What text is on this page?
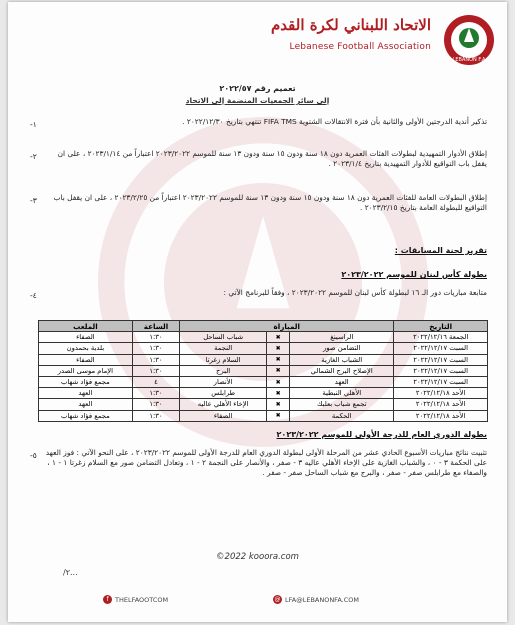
LEBANON F.A
الاتحاد اللبناني لكرة القدم
Lebanese Football Association
تعميم رقم ٢٠٢٢/٥٧
إلى سائر الجمعيات المنضمة إلى الاتحاد
-١	تذكير أندية الدرجتين الأولى والثانية بأن فترة الانتقالات الشتوية FIFA TMS تنتهي بتاريخ ٢٠٢٢/١٢/٣٠ .
-٢	إطلاق الأدوار التمهيدية لبطولات الفئات العمرية دون ١٨ سنة ودون ١٥ سنة ودون ١٣ سنة للموسم ٢٠٢٣/٢٠٢٢ اعتباراً من ٢٠٢٣/١/١٤ ، على ان يقفل باب التواقيع للأدوار التمهيدية بتاريخ ٢٠٢٣/١/٤ .
-٣	إطلاق البطولات العامة للفئات العمرية دون ١٨ سنة ودون ١٥ سنة ودون ١٣ سنة للموسم ٢٠٢٣/٢٠٢٢ اعتباراً من ٢٠٢٣/٢/٢٥ ، على ان يقفل باب التواقيع للبطولة العامة بتاريخ ٢٠٢٣/٢/١٥ .
تقرير لجنة المسابقات :
بطولة كأس لبنان للموسم ٢٠٢٣/٢٠٢٢
-٤	متابعة مباريات دور الـ ١٦ لبطولة كأس لبنان للموسم ٢٠٢٣/٢٠٢٢ ، وفقاً للبرنامج الآتي :
التاريخ	المباراة			الساعة	الملعب
الجمعة ٢٠٢٢/١٢/١٦	الراسينغ	✖	شباب الساحل	١:٣٠	الصفاء
السبت ٢٠٢٢/١٢/١٧	التضامن صور	✖	النجمة	١:٣٠	بلدية بحمدون
السبت ٢٠٢٢/١٢/١٧	الشباب الغازية	✖	السلام زغرتا	١:٣٠	الصفاء
السبت ٢٠٢٢/١٢/١٧	الإصلاح البرج الشمالي	✖	البرج	١:٣٠	الإمام موسى الصدر
السبت ٢٠٢٢/١٢/١٧	العهد	✖	الأنصار	٤	مجمع فؤاد شهاب
الأحد ٢٠٢٢/١٢/١٨	الأهلي النبطية	✖	طرابلس	١:٣٠	العهد
الأحد ٢٠٢٢/١٢/١٨	تجمع شباب بعلبك	✖	الإخاء الأهلي عاليه	١:٣٠	العهد
الأحد ٢٠٢٢/١٢/١٨	الحكمة	✖	الصفاء	١:٣٠	مجمع فؤاد شهاب
بطولة الدوري العام للدرجة الأولى للموسم ٢٠٢٣/٢٠٢٢
-٥	تثبيت نتائج مباريات الأسبوع الحادي عشر من المرحلة الأولى لبطولة الدوري العام للدرجة الأولى للموسم ٢٠٢٣/٢٠٢٢ ، على النحو الآتي : فوز العهد على الحكمة ٣ - ٠ ، والشباب الغازية على الإخاء الأهلي عاليه ٣ - صفر ، والأنصار على النجمة ٢ - ١ ، وتعادل التضامن صور مع السلام زغرتا ١ - ١ ، والصفاء مع طرابلس صفر - صفر ، والبرج مع شباب الساحل صفر - صفر .
©2022 kooora.com
/٢...
f THELFAOOTCOM	@ LFA@LEBANONFA.COM
